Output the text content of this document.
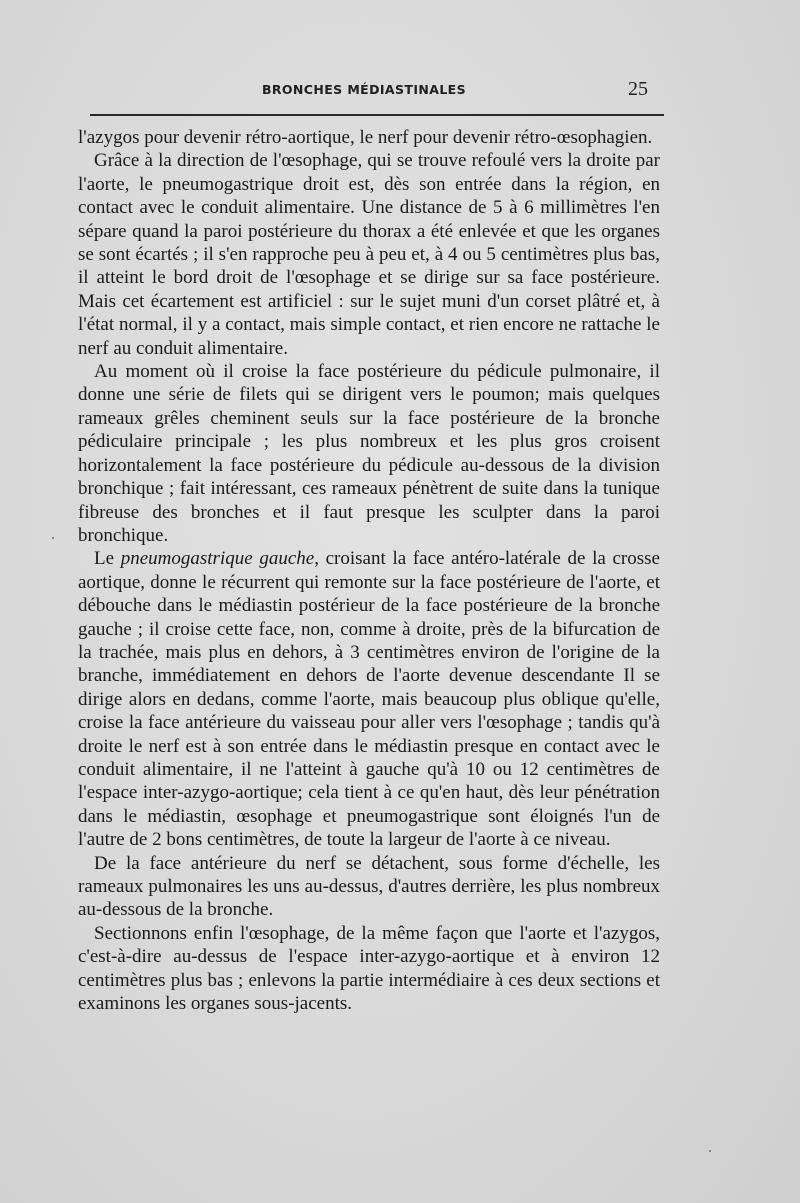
BRONCHES MÉDIASTINALES	25

l'azygos pour devenir rétro-aortique, le nerf pour devenir rétro-œsophagien.

Grâce à la direction de l'œsophage, qui se trouve refoulé vers la droite par l'aorte, le pneumogastrique droit est, dès son entrée dans la région, en contact avec le conduit alimentaire. Une distance de 5 à 6 millimètres l'en sépare quand la paroi postérieure du thorax a été enlevée et que les organes se sont écartés ; il s'en rapproche peu à peu et, à 4 ou 5 centimètres plus bas, il atteint le bord droit de l'œsophage et se dirige sur sa face postérieure. Mais cet écartement est artificiel : sur le sujet muni d'un corset plâtré et, à l'état normal, il y a contact, mais simple contact, et rien encore ne rattache le nerf au conduit alimentaire.

Au moment où il croise la face postérieure du pédicule pulmonaire, il donne une série de filets qui se dirigent vers le poumon; mais quelques rameaux grêles cheminent seuls sur la face postérieure de la bronche pédiculaire principale ; les plus nombreux et les plus gros croisent horizontalement la face postérieure du pédicule au-dessous de la division bronchique ; fait intéressant, ces rameaux pénètrent de suite dans la tunique fibreuse des bronches et il faut presque les sculpter dans la paroi bronchique.

Le pneumogastrique gauche, croisant la face antéro-latérale de la crosse aortique, donne le récurrent qui remonte sur la face postérieure de l'aorte, et débouche dans le médiastin postérieur de la face postérieure de la bronche gauche ; il croise cette face, non, comme à droite, près de la bifurcation de la trachée, mais plus en dehors, à 3 centimètres environ de l'origine de la branche, immédiatement en dehors de l'aorte devenue descendante Il se dirige alors en dedans, comme l'aorte, mais beaucoup plus oblique qu'elle, croise la face antérieure du vaisseau pour aller vers l'œsophage ; tandis qu'à droite le nerf est à son entrée dans le médiastin presque en contact avec le conduit alimentaire, il ne l'atteint à gauche qu'à 10 ou 12 centimètres de l'espace inter-azygo-aortique; cela tient à ce qu'en haut, dès leur pénétration dans le médiastin, œsophage et pneumogastrique sont éloignés l'un de l'autre de 2 bons centimètres, de toute la largeur de l'aorte à ce niveau.

De la face antérieure du nerf se détachent, sous forme d'échelle, les rameaux pulmonaires les uns au-dessus, d'autres derrière, les plus nombreux au-dessous de la bronche.

Sectionnons enfin l'œsophage, de la même façon que l'aorte et l'azygos, c'est-à-dire au-dessus de l'espace inter-azygo-aortique et à environ 12 centimètres plus bas ; enlevons la partie intermédiaire à ces deux sections et examinons les organes sous-jacents.
